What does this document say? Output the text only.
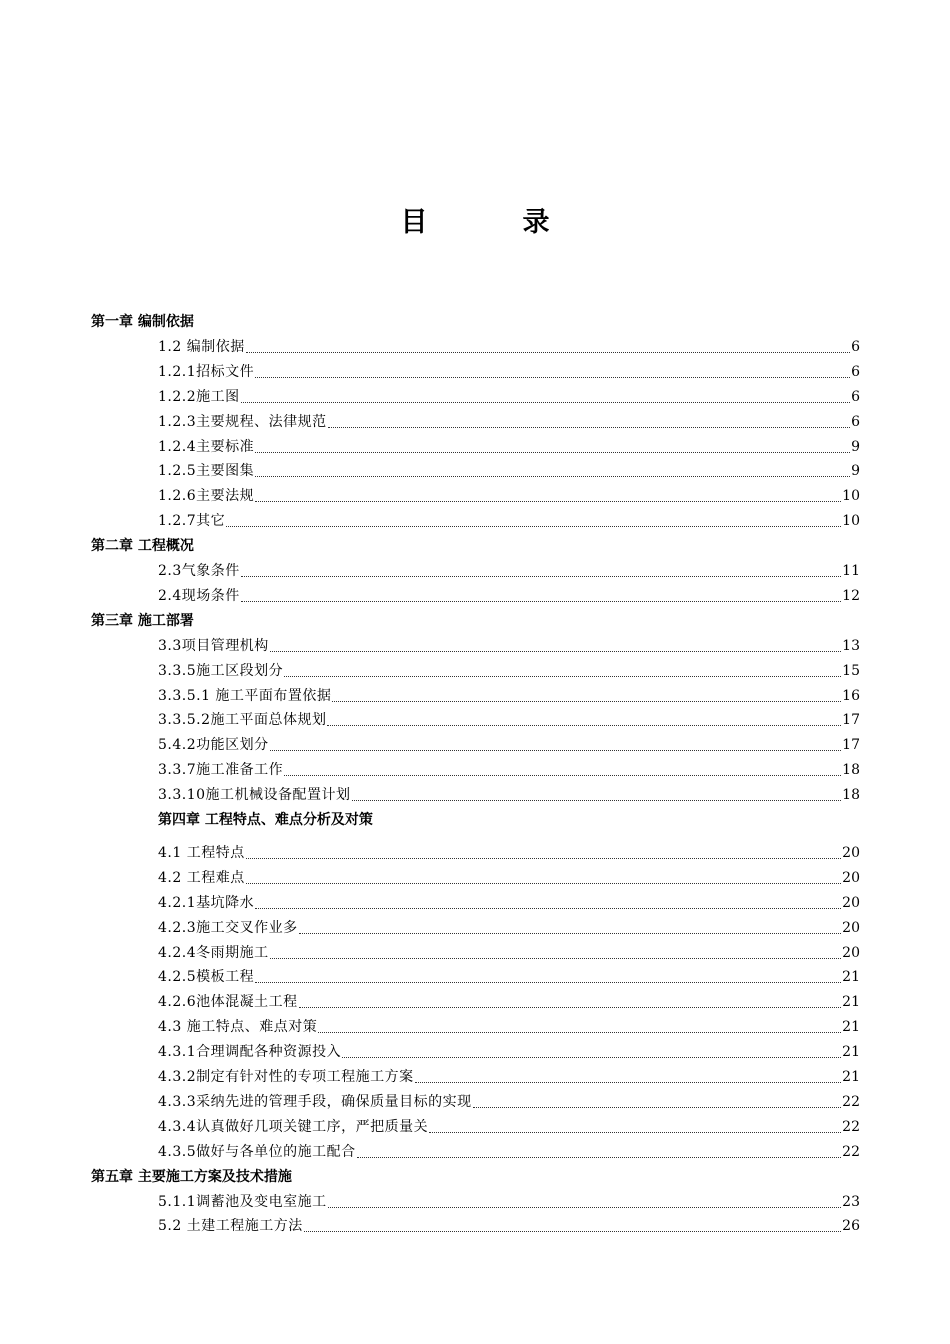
目　录
第一章 编制依据
1.2 编制依据	6
1.2.1招标文件	6
1.2.2施工图	6
1.2.3主要规程、法律规范	6
1.2.4主要标准	9
1.2.5主要图集	9
1.2.6主要法规	10
1.2.7其它	10
第二章 工程概况
2.3气象条件	11
2.4现场条件	12
第三章 施工部署
3.3项目管理机构	13
3.3.5施工区段划分	15
3.3.5.1 施工平面布置依据	16
3.3.5.2施工平面总体规划	17
5.4.2功能区划分	17
3.3.7施工准备工作	18
3.3.10施工机械设备配置计划	18
第四章 工程特点、难点分析及对策
4.1 工程特点	20
4.2 工程难点	20
4.2.1基坑降水	20
4.2.3施工交叉作业多	20
4.2.4冬雨期施工	20
4.2.5模板工程	21
4.2.6池体混凝土工程	21
4.3 施工特点、难点对策	21
4.3.1合理调配各种资源投入	21
4.3.2制定有针对性的专项工程施工方案	21
4.3.3采纳先进的管理手段，确保质量目标的实现	22
4.3.4认真做好几项关键工序，严把质量关	22
4.3.5做好与各单位的施工配合	22
第五章 主要施工方案及技术措施
5.1.1调蓄池及变电室施工	23
5.2 土建工程施工方法	26
